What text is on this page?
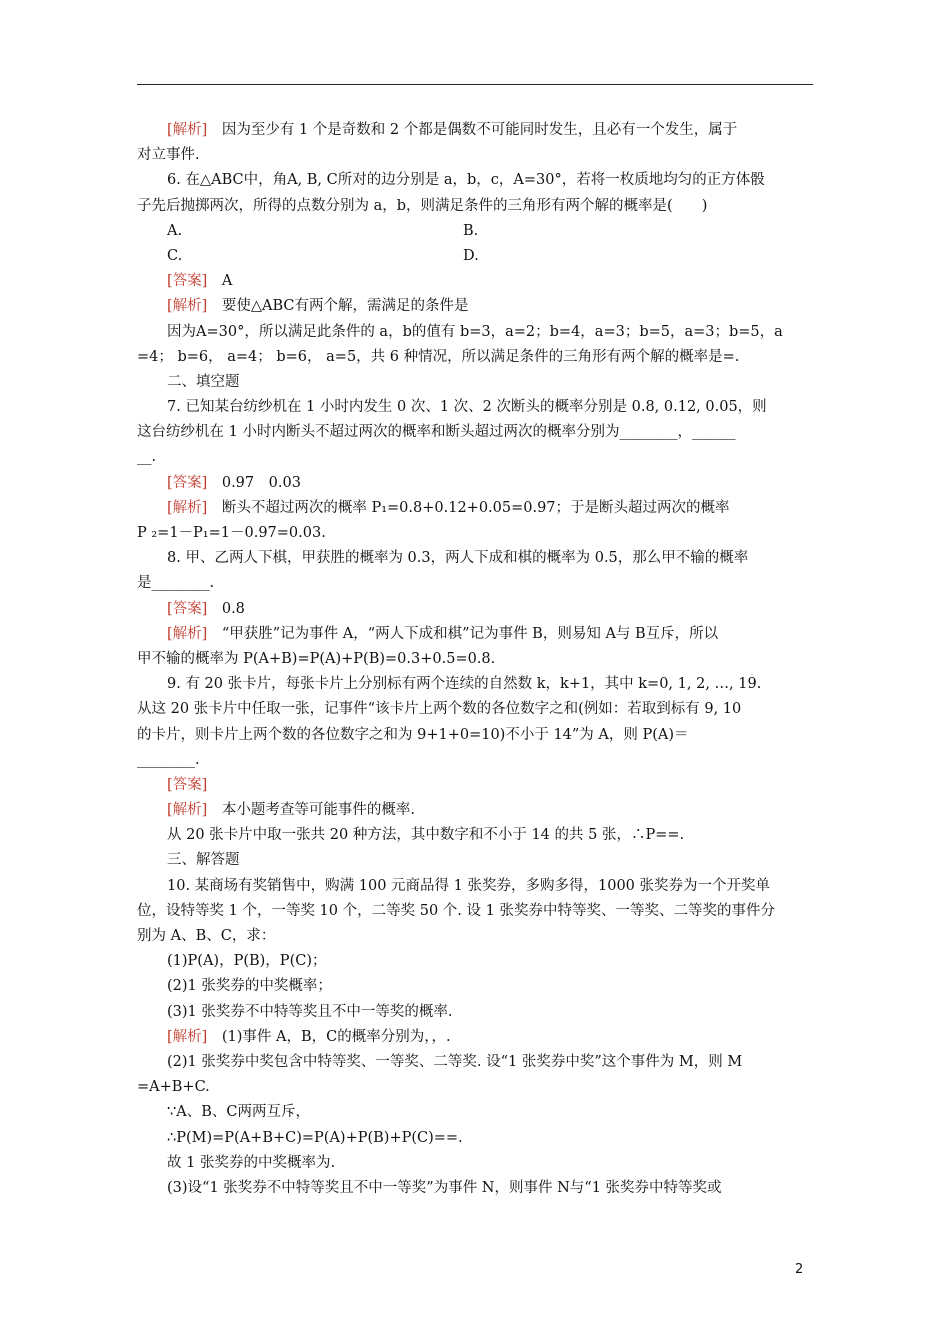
[解析]　 因为至少有 1 个是奇数和 2 个都是偶数不可能同时发生，且必有一个发生，属于
对立事件.
6. 在△ABC中，角A, B, C所对的边分别是 a，b，c，A=30°，若将一枚质地均匀的正方体骰
子先后抛掷两次，所得的点数分别为 a，b，则满足条件的三角形有两个解的概率是(　　)
A.	B.
C.	D.
[答案]　 A
[解析]　 要使△ABC有两个解，需满足的条件是
因为A=30°，所以满足此条件的 a，b的值有 b=3，a=2；b=4，a=3；b=5，a=3；b=5，a
=4； b=6， a=4； b=6， a=5，共 6 种情况，所以满足条件的三角形有两个解的概率是=.
二、填空题
7. 已知某台纺纱机在 1 小时内发生 0 次、1 次、2 次断头的概率分别是 0.8, 0.12, 0.05，则
这台纺纱机在 1 小时内断头不超过两次的概率和断头超过两次的概率分别为________，______
__.
[答案]　 0.97　0.03
[解析]　 断头不超过两次的概率 P₁=0.8+0.12+0.05=0.97；于是断头超过两次的概率
P ₂=1－P₁=1－0.97=0.03.
8. 甲、乙两人下棋，甲获胜的概率为 0.3，两人下成和棋的概率为 0.5，那么甲不输的概率
是________.
[答案]　 0.8
[解析]　 “甲获胜”记为事件 A，“两人下成和棋”记为事件 B，则易知 A与 B互斥，所以
甲不输的概率为 P(A+B)=P(A)+P(B)=0.3+0.5=0.8.
9. 有 20 张卡片，每张卡片上分别标有两个连续的自然数 k，k+1，其中 k=0, 1, 2, …, 19.
从这 20 张卡片中任取一张，记事件“该卡片上两个数的各位数字之和(例如：若取到标有 9, 10
的卡片，则卡片上两个数的各位数字之和为 9+1+0=10)不小于 14”为 A，则 P(A)＝
________.
[答案]　
[解析]　 本小题考查等可能事件的概率.
从 20 张卡片中取一张共 20 种方法，其中数字和不小于 14 的共 5 张，∴P==.
三、解答题
10. 某商场有奖销售中，购满 100 元商品得 1 张奖券，多购多得，1000 张奖券为一个开奖单
位，设特等奖 1 个，一等奖 10 个，二等奖 50 个. 设 1 张奖券中特等奖、一等奖、二等奖的事件分
别为 A、B、C，求：
(1)P(A)，P(B)，P(C)；
(2)1 张奖券的中奖概率；
(3)1 张奖券不中特等奖且不中一等奖的概率.
[解析]　 (1)事件 A，B，C的概率分别为，，.
(2)1 张奖券中奖包含中特等奖、一等奖、二等奖. 设“1 张奖券中奖”这个事件为 M，则 M
=A+B+C.
∵A、B、C两两互斥，
∴P(M)=P(A+B+C)=P(A)+P(B)+P(C)==.
故 1 张奖券的中奖概率为.
(3)设“1 张奖券不中特等奖且不中一等奖”为事件 N，则事件 N与“1 张奖券中特等奖或
2
